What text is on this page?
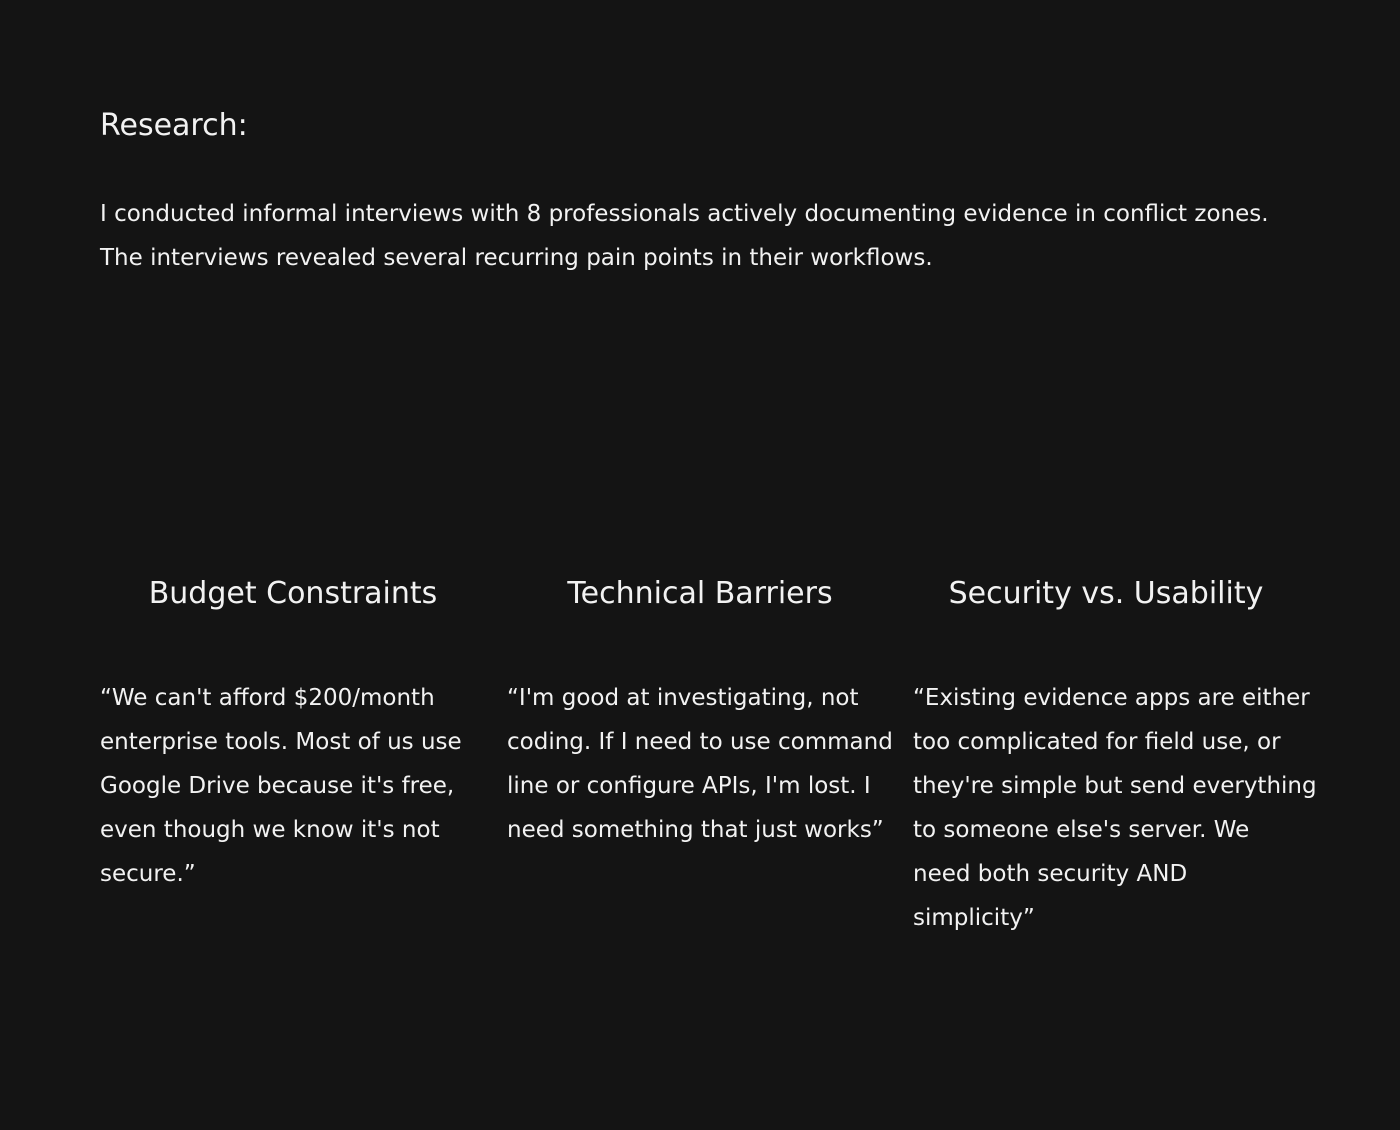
Research:

I conducted informal interviews with 8 professionals actively documenting evidence in conflict zones.

The interviews revealed several recurring pain points in their workflows.

Budget Constraints

“We can't afford $200/month
enterprise tools. Most of us use
Google Drive because it's free,
even though we know it's not
secure.”

Technical Barriers

“I'm good at investigating, not
coding. If I need to use command
line or configure APIs, I'm lost. I
need something that just works”

Security vs. Usability

“Existing evidence apps are either
too complicated for field use, or
they're simple but send everything
to someone else's server. We
need both security AND
simplicity”
